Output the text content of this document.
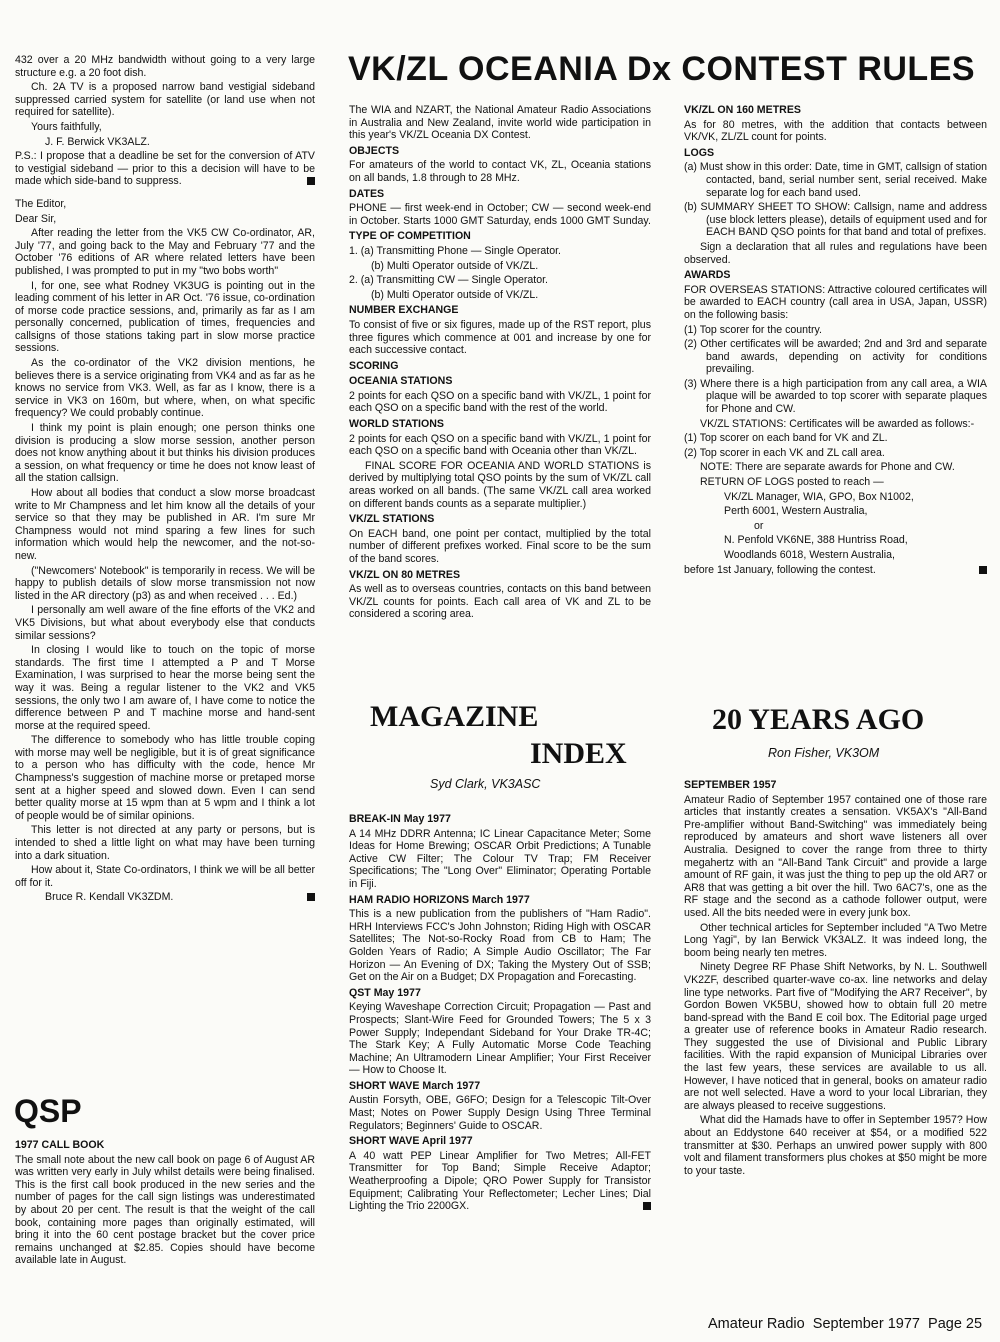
432 over a 20 MHz bandwidth without going to a very large structure e.g. a 20 foot dish.

Ch. 2A TV is a proposed narrow band vestigial sideband suppressed carried system for satellite (or land use when not required for satellite).

Yours faithfully,

J. F. Berwick VK3ALZ.

P.S.: I propose that a deadline be set for the conversion of ATV to vestigial sideband — prior to this a decision will have to be made which side-band to suppress.

The Editor,

Dear Sir,

After reading the letter from the VK5 CW Co-ordinator, AR, July '77, and going back to the May and February '77 and the October '76 editions of AR where related letters have been published, I was prompted to put in my "two bobs worth"

I, for one, see what Rodney VK3UG is pointing out in the leading comment of his letter in AR Oct. '76 issue, co-ordination of morse code practice sessions, and, primarily as far as I am personally concerned, publication of times, frequencies and callsigns of those stations taking part in slow morse practice sessions.

As the co-ordinator of the VK2 division mentions, he believes there is a service originating from VK4 and as far as he knows no service from VK3. Well, as far as I know, there is a service in VK3 on 160m, but where, when, on what specific frequency? We could probably continue.

I think my point is plain enough; one person thinks one division is producing a slow morse session, another person does not know anything about it but thinks his division produces a session, on what frequency or time he does not know least of all the station callsign.

How about all bodies that conduct a slow morse broadcast write to Mr Champness and let him know all the details of your service so that they may be published in AR. I'm sure Mr Champness would not mind sparing a few lines for such information which would help the newcomer, and the not-so-new.

("Newcomers' Notebook" is temporarily in recess. We will be happy to publish details of slow morse transmission not now listed in the AR directory (p3) as and when received . . . Ed.)

I personally am well aware of the fine efforts of the VK2 and VK5 Divisions, but what about everybody else that conducts similar sessions?

In closing I would like to touch on the topic of morse standards. The first time I attempted a P and T Morse Examination, I was surprised to hear the morse being sent the way it was. Being a regular listener to the VK2 and VK5 sessions, the only two I am aware of, I have come to notice the difference between P and T machine morse and hand-sent morse at the required speed.

The difference to somebody who has little trouble coping with morse may well be negligible, but it is of great significance to a person who has difficulty with the code, hence Mr Champness's suggestion of machine morse or pretaped morse sent at a higher speed and slowed down. Even I can send better quality morse at 15 wpm than at 5 wpm and I think a lot of people would be of similar opinions.

This letter is not directed at any party or persons, but is intended to shed a little light on what may have been turning into a dark situation.

How about it, State Co-ordinators, I think we will be all better off for it.

Bruce R. Kendall VK3ZDM.

QSP

1977 CALL BOOK

The small note about the new call book on page 6 of August AR was written very early in July whilst details were being finalised. This is the first call book produced in the new series and the number of pages for the call sign listings was underestimated by about 20 per cent. The result is that the weight of the call book, containing more pages than originally estimated, will bring it into the 60 cent postage bracket but the cover price remains unchanged at $2.85. Copies should have become available late in August.

VK/ZL OCEANIA Dx CONTEST RULES

The WIA and NZART, the National Amateur Radio Associations in Australia and New Zealand, invite world wide participation in this year's VK/ZL Oceania DX Contest.

OBJECTS

For amateurs of the world to contact VK, ZL, Oceania stations on all bands, 1.8 through to 28 MHz.

DATES

PHONE — first week-end in October; CW — second week-end in October. Starts 1000 GMT Saturday, ends 1000 GMT Sunday.

TYPE OF COMPETITION

1. (a) Transmitting Phone — Single Operator.

(b) Multi Operator outside of VK/ZL.

2. (a) Transmitting CW — Single Operator.

(b) Multi Operator outside of VK/ZL.

NUMBER EXCHANGE

To consist of five or six figures, made up of the RST report, plus three figures which commence at 001 and increase by one for each successive contact.

SCORING

OCEANIA STATIONS

2 points for each QSO on a specific band with VK/ZL, 1 point for each QSO on a specific band with the rest of the world.

WORLD STATIONS

2 points for each QSO on a specific band with VK/ZL, 1 point for each QSO on a specific band with Oceania other than VK/ZL.

FINAL SCORE FOR OCEANIA AND WORLD STATIONS is derived by multiplying total QSO points by the sum of VK/ZL call areas worked on all bands. (The same VK/ZL call area worked on different bands counts as a separate multiplier.)

VK/ZL STATIONS

On EACH band, one point per contact, multiplied by the total number of different prefixes worked. Final score to be the sum of the band scores.

VK/ZL ON 80 METRES

As well as to overseas countries, contacts on this band between VK/ZL counts for points. Each call area of VK and ZL to be considered a scoring area.

VK/ZL ON 160 METRES

As for 80 metres, with the addition that contacts between VK/VK, ZL/ZL count for points.

LOGS

(a) Must show in this order: Date, time in GMT, callsign of station contacted, band, serial number sent, serial received. Make separate log for each band used.

(b) SUMMARY SHEET TO SHOW: Callsign, name and address (use block letters please), details of equipment used and for EACH BAND QSO points for that band and total of prefixes.

Sign a declaration that all rules and regulations have been observed.

AWARDS

FOR OVERSEAS STATIONS: Attractive coloured certificates will be awarded to EACH country (call area in USA, Japan, USSR) on the following basis:

(1) Top scorer for the country.

(2) Other certificates will be awarded; 2nd and 3rd and separate band awards, depending on activity for conditions prevailing.

(3) Where there is a high participation from any call area, a WIA plaque will be awarded to top scorer with separate plaques for Phone and CW.

VK/ZL STATIONS: Certificates will be awarded as follows:-

(1) Top scorer on each band for VK and ZL.

(2) Top scorer in each VK and ZL call area.

NOTE: There are separate awards for Phone and CW.

RETURN OF LOGS posted to reach —

VK/ZL Manager, WIA, GPO, Box N1002,

Perth 6001, Western Australia,

or

N. Penfold VK6NE, 388 Huntriss Road,

Woodlands 6018, Western Australia,

before 1st January, following the contest.

MAGAZINE
INDEX
Syd Clark, VK3ASC

BREAK-IN May 1977

A 14 MHz DDRR Antenna; IC Linear Capacitance Meter; Some Ideas for Home Brewing; OSCAR Orbit Predictions; A Tunable Active CW Filter; The Colour TV Trap; FM Receiver Specifications; The "Long Over" Eliminator; Operating Portable in Fiji.

HAM RADIO HORIZONS March 1977

This is a new publication from the publishers of "Ham Radio". HRH Interviews FCC's John Johnston; Riding High with OSCAR Satellites; The Not-so-Rocky Road from CB to Ham; The Golden Years of Radio; A Simple Audio Oscillator; The Far Horizon — An Evening of DX; Taking the Mystery Out of SSB; Get on the Air on a Budget; DX Propagation and Forecasting.

QST May 1977

Keying Waveshape Correction Circuit; Propagation — Past and Prospects; Slant-Wire Feed for Grounded Towers; The 5 x 3 Power Supply; Independant Sideband for Your Drake TR-4C; The Stark Key; A Fully Automatic Morse Code Teaching Machine; An Ultramodern Linear Amplifier; Your First Receiver — How to Choose It.

SHORT WAVE March 1977

Austin Forsyth, OBE, G6FO; Design for a Telescopic Tilt-Over Mast; Notes on Power Supply Design Using Three Terminal Regulators; Beginners' Guide to OSCAR.

SHORT WAVE April 1977

A 40 watt PEP Linear Amplifier for Two Metres; All-FET Transmitter for Top Band; Simple Receive Adaptor; Weatherproofing a Dipole; QRO Power Supply for Transistor Equipment; Calibrating Your Reflectometer; Lecher Lines; Dial Lighting the Trio 2200GX.

20 YEARS AGO
Ron Fisher, VK3OM

SEPTEMBER 1957

Amateur Radio of September 1957 contained one of those rare articles that instantly creates a sensation. VK5AX's "All-Band Pre-amplifier without Band-Switching" was immediately being reproduced by amateurs and short wave listeners all over Australia. Designed to cover the range from three to thirty megahertz with an "All-Band Tank Circuit" and provide a large amount of RF gain, it was just the thing to pep up the old AR7 or AR8 that was getting a bit over the hill. Two 6AC7's, one as the RF stage and the second as a cathode follower output, were used. All the bits needed were in every junk box.

Other technical articles for September included "A Two Metre Long Yagi", by Ian Berwick VK3ALZ. It was indeed long, the boom being nearly ten metres.

Ninety Degree RF Phase Shift Networks, by N. L. Southwell VK2ZF, described quarter-wave co-ax. line networks and delay line type networks. Part five of "Modifying the AR7 Receiver", by Gordon Bowen VK5BU, showed how to obtain full 20 metre band-spread with the Band E coil box. The Editorial page urged a greater use of reference books in Amateur Radio research. They suggested the use of Divisional and Public Library facilities. With the rapid expansion of Municipal Libraries over the last few years, these services are available to us all. However, I have noticed that in general, books on amateur radio are not well selected. Have a word to your local Librarian, they are always pleased to receive suggestions.

What did the Hamads have to offer in September 1957? How about an Eddystone 640 receiver at $54, or a modified 522 transmitter at $30. Perhaps an unwired power supply with 800 volt and filament transformers plus chokes at $50 might be more to your taste.

Amateur Radio  September 1977  Page 25
